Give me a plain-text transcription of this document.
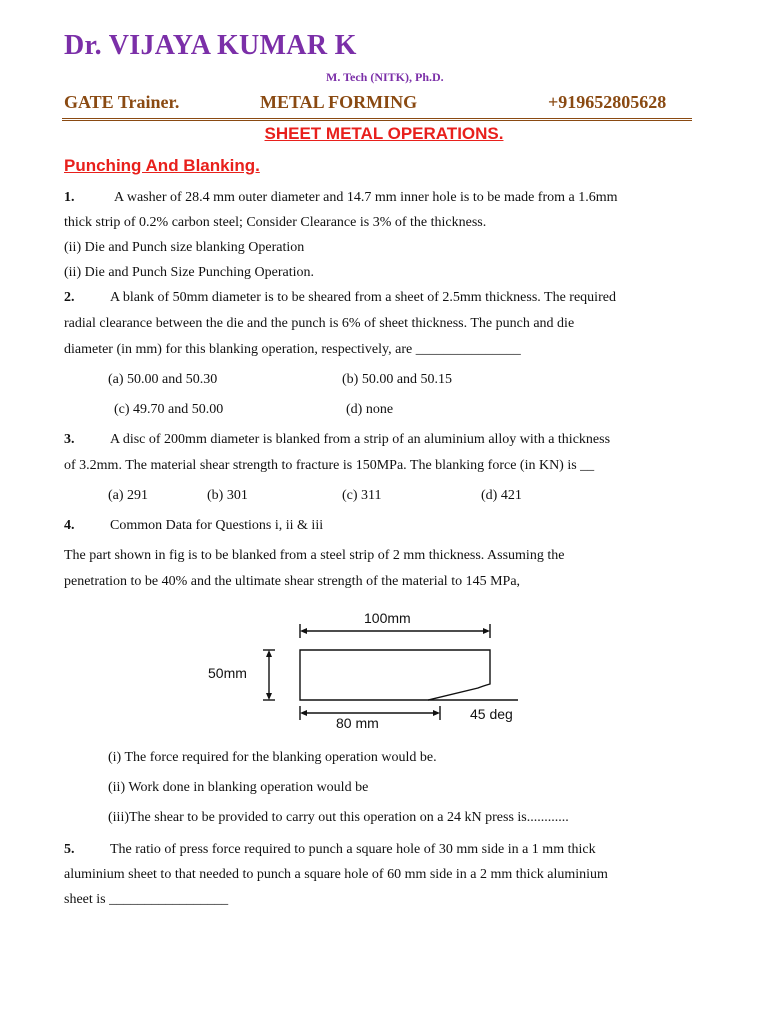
Dr. VIJAYA KUMAR K
M. Tech (NITK), Ph.D.
GATE Trainer.	METAL FORMING	+919652805628
SHEET METAL OPERATIONS.
Punching And Blanking.
1.	A washer of 28.4 mm outer diameter and 14.7 mm inner hole is to be made from a 1.6mm
thick strip of 0.2% carbon steel; Consider Clearance is 3% of the thickness.
(ii) Die and Punch size blanking Operation
(ii) Die and Punch Size Punching Operation.
2.	A blank of 50mm diameter is to be sheared from a sheet of 2.5mm thickness. The required
radial clearance between the die and the punch is 6% of sheet thickness. The punch and die
diameter (in mm) for this blanking operation, respectively, are _______________
(a) 50.00 and 50.30	(b) 50.00 and 50.15
(c) 49.70 and 50.00	(d) none
3.	A disc of 200mm diameter is blanked from a strip of an aluminium alloy with a thickness
of 3.2mm. The material shear strength to fracture is 150MPa. The blanking force (in KN) is __
(a) 291	(b) 301	(c) 311	(d) 421
4.	Common Data for Questions i, ii & iii
The part shown in fig is to be blanked from a steel strip of 2 mm thickness. Assuming the
penetration to be 40% and the ultimate shear strength of the material to 145 MPa,
100mm
50mm
80 mm
45 deg
(i) The force required for the blanking operation would be.
(ii) Work done in blanking operation would be
(iii)The shear to be provided to carry out this operation on a 24 kN press is............
5.	The ratio of press force required to punch a square hole of 30 mm side in a 1 mm thick
aluminium sheet to that needed to punch a square hole of 60 mm side in a 2 mm thick aluminium
sheet is _________________
